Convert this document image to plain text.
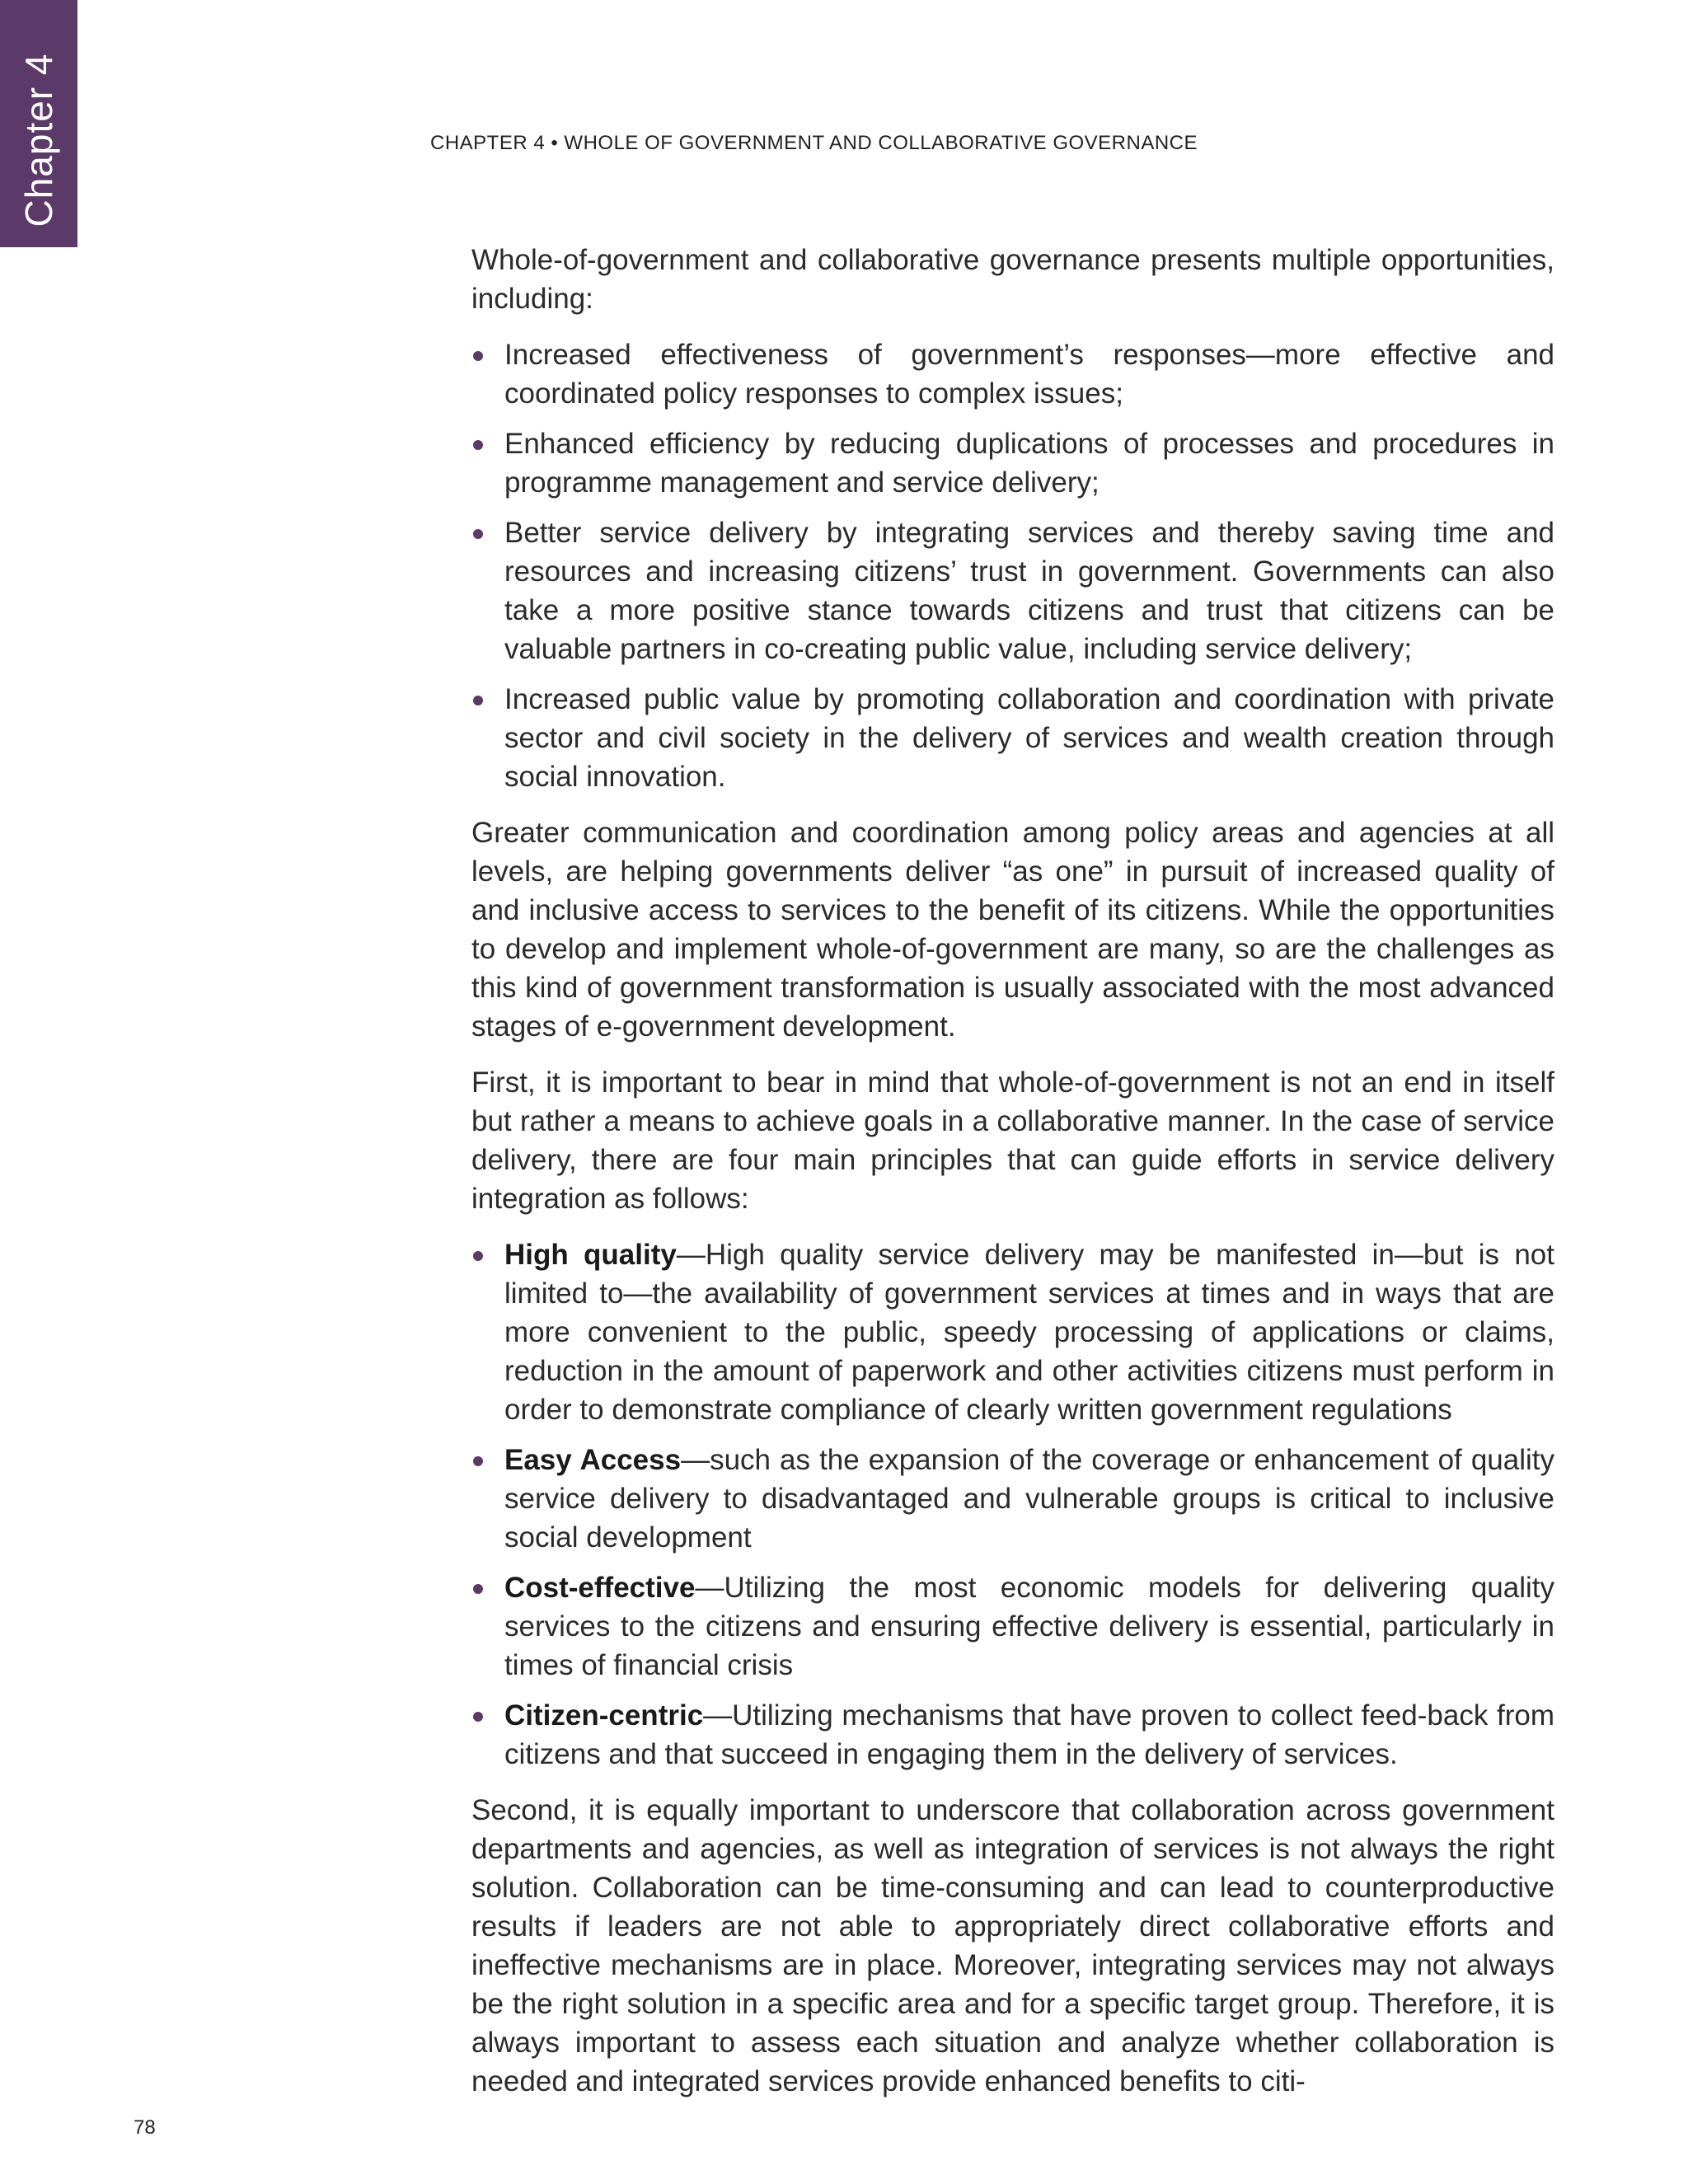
Chapter 4	CHAPTER 4 • WHOLE OF GOVERNMENT AND COLLABORATIVE GOVERNANCE

Whole-of-government and collaborative governance presents multiple opportunities, including:

Increased effectiveness of government’s responses—more effective and coordinated policy responses to complex issues;
Enhanced efficiency by reducing duplications of processes and procedures in programme management and service delivery;
Better service delivery by integrating services and thereby saving time and resources and increasing citizens’ trust in government. Governments can also take a more positive stance towards citizens and trust that citizens can be valuable partners in co-creating public value, including service delivery;
Increased public value by promoting collaboration and coordination with private sector and civil society in the delivery of services and wealth creation through social innovation.

Greater communication and coordination among policy areas and agencies at all levels, are helping governments deliver “as one” in pursuit of increased quality of and inclusive access to services to the benefit of its citizens. While the opportunities to develop and implement whole-of-government are many, so are the challenges as this kind of government transformation is usually associated with the most advanced stages of e-government development.

First, it is important to bear in mind that whole-of-government is not an end in itself but rather a means to achieve goals in a collaborative manner. In the case of service delivery, there are four main principles that can guide efforts in service delivery integration as follows:

High quality—High quality service delivery may be manifested in—but is not limited to—the availability of government services at times and in ways that are more convenient to the public, speedy processing of applications or claims, reduction in the amount of paperwork and other activities citizens must perform in order to demonstrate compliance of clearly written government regulations
Easy Access—such as the expansion of the coverage or enhancement of quality service delivery to disadvantaged and vulnerable groups is critical to inclusive social development
Cost-effective—Utilizing the most economic models for delivering quality services to the citizens and ensuring effective delivery is essential, particularly in times of financial crisis
Citizen-centric—Utilizing mechanisms that have proven to collect feed-back from citizens and that succeed in engaging them in the delivery of services.

Second, it is equally important to underscore that collaboration across government departments and agencies, as well as integration of services is not always the right solution. Collaboration can be time-consuming and can lead to counterproductive results if leaders are not able to appropriately direct collaborative efforts and ineffective mechanisms are in place. Moreover, integrating services may not always be the right solution in a specific area and for a specific target group. Therefore, it is always important to assess each situation and analyze whether collaboration is needed and integrated services provide enhanced benefits to citi-

78
